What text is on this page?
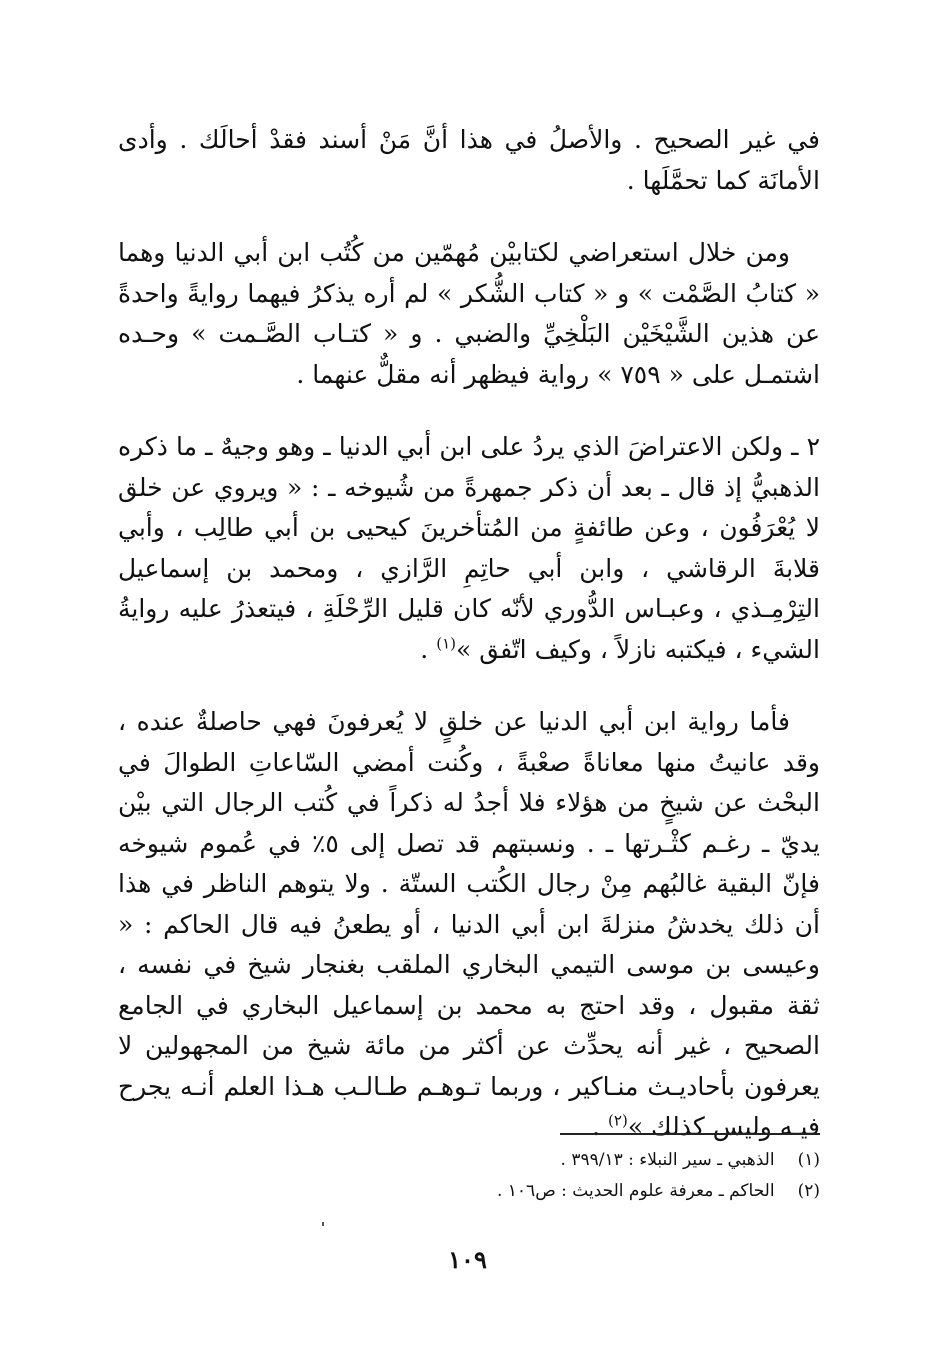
في غير الصحيح . والأصلُ في هذا أنَّ مَنْ أسند فقدْ أحالَك . وأدى الأمانَة كما تحمَّلَها .

ومن خلال استعراضي لكتابيْن مُهمّين من كُتُب ابن أبي الدنيا وهما « كتابُ الصَّمْت » و « كتاب الشُّكر » لم أره يذكرُ فيهما روايةً واحدةً عن هذين الشَّيْخَيْن البَلْخِيِّ والضبي . و « كتـاب الصَّـمت » وحـده اشتمـل على « ٧٥٩ » رواية فيظهر أنه مقلٌّ عنهما .

٢ ـ ولكن الاعتراضَ الذي يردُ على ابن أبي الدنيا ـ وهو وجيهٌ ـ ما ذكره الذهبيُّ إذ قال ـ بعد أن ذكر جمهرةً من شُيوخه ـ : « ويروي عن خلق لا يُعْرَفُون ، وعن طائفةٍ من المُتأخرينَ كيحيى بن أبي طالِب ، وأبي قلابةَ الرقاشي ، وابن أبي حاتِمِ الرَّازي ، ومحمد بن إسماعيل التِرْمِـذي ، وعبـاس الدُّوري لأنّه كان قليل الرِّحْلَةِ ، فيتعذرُ عليه روايةُ الشيء ، فيكتبه نازلاً ، وكيف اتّفق »$^{(١)}$ .

فأما رواية ابن أبي الدنيا عن خلقٍ لا يُعرفونَ فهي حاصلةٌ عنده ، وقد عانيتُ منها معاناةً صعْبةً ، وكُنت أمضي السّاعاتِ الطوالَ في البحْث عن شيخٍ من هؤلاء فلا أجدُ له ذكراً في كُتب الرجال التي بيْن يديّ ـ رغـم كثْـرتها ـ . ونسبتهم قد تصل إلى ٥٪ في عُموم شيوخه فإنّ البقية غالبُهم مِنْ رجال الكُتب الستّة . ولا يتوهم الناظر في هذا أن ذلك يخدشُ منزلةَ ابن أبي الدنيا ، أو يطعنُ فيه قال الحاكم : « وعيسى بن موسى التيمي البخاري الملقب بغنجار شيخ في نفسه ، ثقة مقبول ، وقد احتج به محمد بن إسماعيل البخاري في الجامع الصحيح ، غير أنه يحدِّث عن أكثر من مائة شيخ من المجهولين لا يعرفون بأحاديـث منـاكير ، وربما تـوهـم طـالـب هـذا العلم أنـه يجرح فيـه وليس كذلك »$^{(٢)}$ .

(١) الذهبي ـ سير النبلاء : ٣٩٩/١٣ .
(٢) الحاكم ـ معرفة علوم الحديث : ص١٠٦ .
١٠٩
